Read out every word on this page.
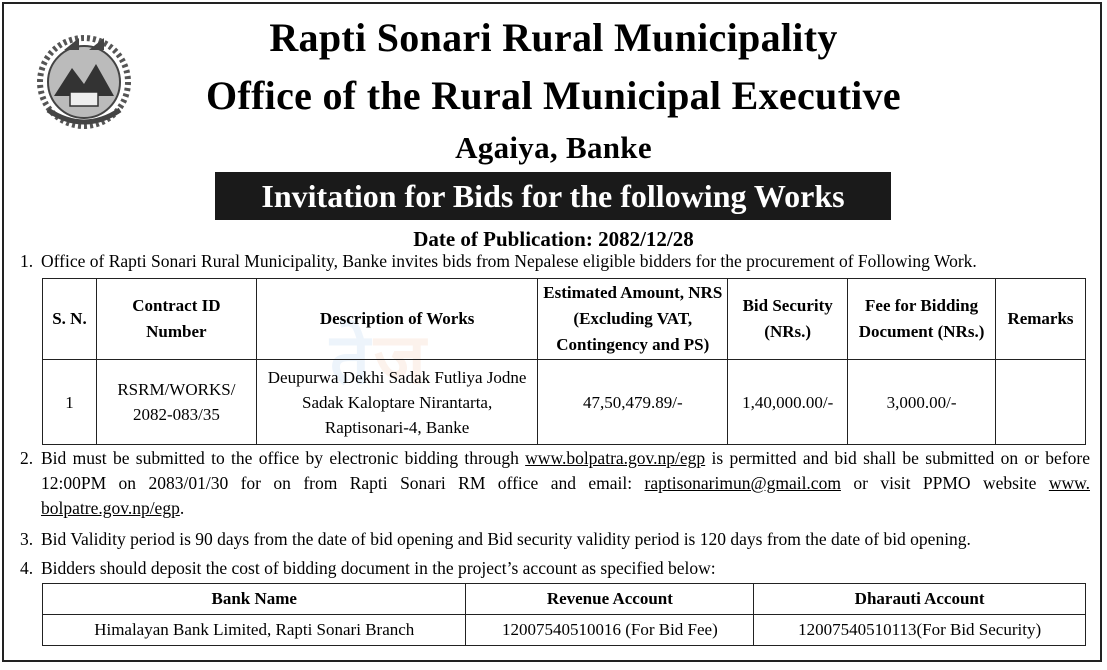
Rapti Sonari Rural Municipality
Office of the Rural Municipal Executive
Agaiya, Banke
Invitation for Bids for the following Works
Date of Publication: 2082/12/28
1. Office of Rapti Sonari Rural Municipality, Banke invites bids from Nepalese eligible bidders for the procurement of Following Work.
तेज
S. N.	Contract ID Number	Description of Works	Estimated Amount, NRS (Excluding VAT, Contingency and PS)	Bid Security (NRs.)	Fee for Bidding Document (NRs.)	Remarks
1	RSRM/WORKS/ 2082-083/35	Deupurwa Dekhi Sadak Futliya Jodne Sadak Kaloptare Nirantarta, Raptisonari-4, Banke	47,50,479.89/-	1,40,000.00/-	3,000.00/-	
2. Bid must be submitted to the office by electronic bidding through www.bolpatra.gov.np/egp is permitted and bid shall be submitted on or before 12:00PM on 2083/01/30 for on from Rapti Sonari RM office and email: raptisonarimun@gmail.com or visit PPMO website www. bolpatre.gov.np/egp.
3. Bid Validity period is 90 days from the date of bid opening and Bid security validity period is 120 days from the date of bid opening.
4. Bidders should deposit the cost of bidding document in the project’s account as specified below:
Bank Name	Revenue Account	Dharauti Account
Himalayan Bank Limited, Rapti Sonari Branch	12007540510016 (For Bid Fee)	12007540510113(For Bid Security)
